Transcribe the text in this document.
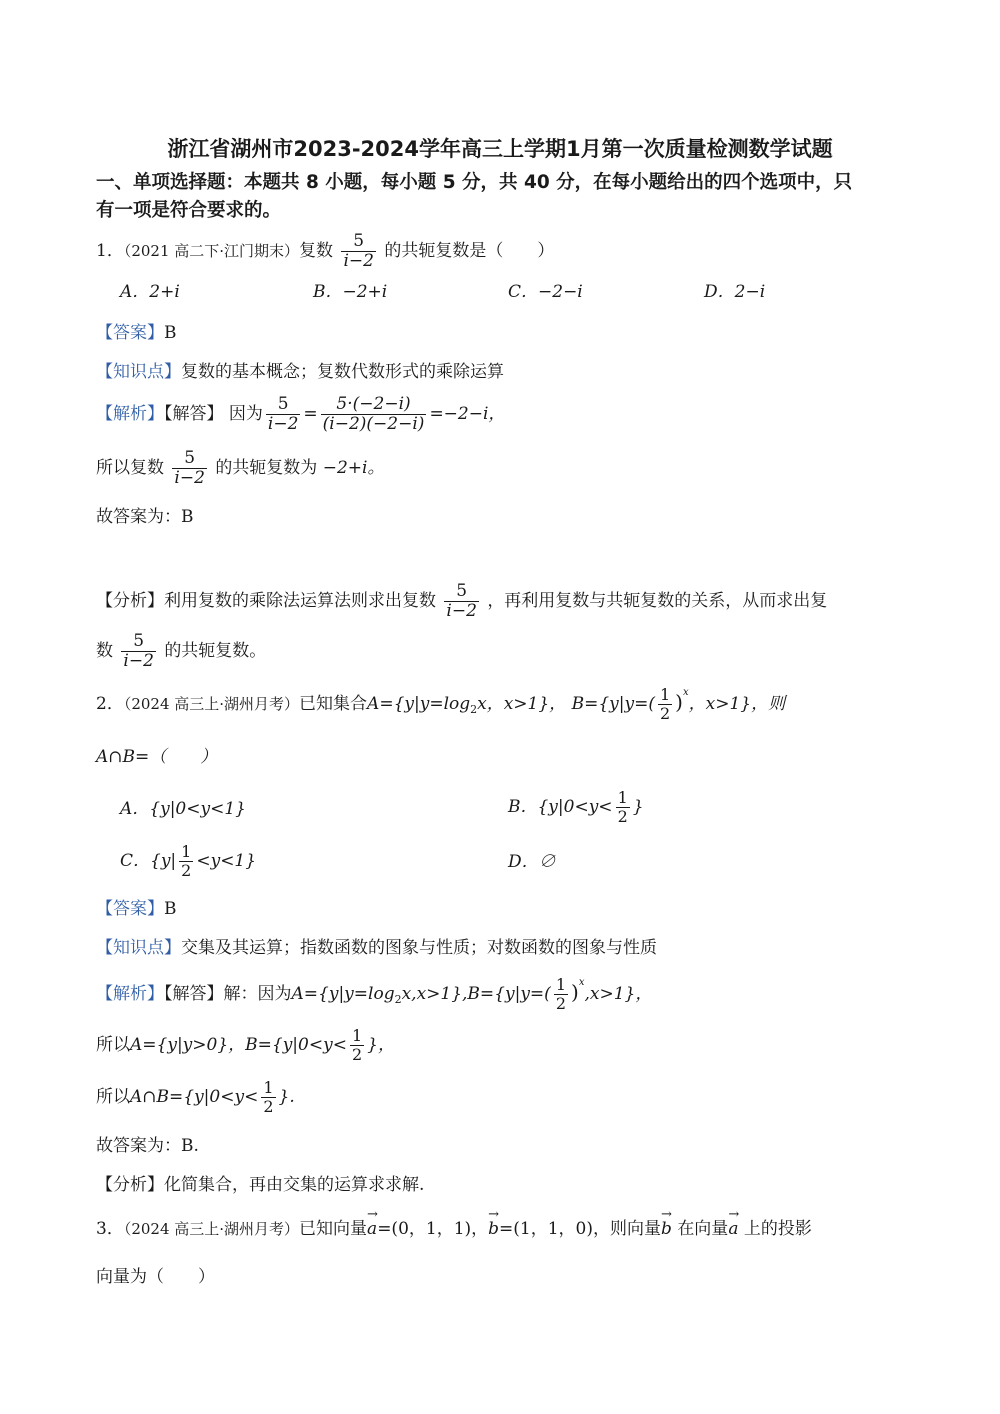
浙江省湖州市2023-2024学年高三上学期1月第一次质量检测数学试题
一、单项选择题：本题共 8 小题，每小题 5 分，共 40 分，在每小题给出的四个选项中，只
有一项是符合要求的。
1．（2021 高二下·江门期末）复数 $\frac{5}{i-2}$ 的共轭复数是（　　）
A．2+i	B．−2+i	C．−2−i	D．2−i
【答案】B
【知识点】复数的基本概念；复数代数形式的乘除运算
【解析】【解答】 因为 $\frac{5}{i-2} = \frac{5\cdot(-2-i)}{(i-2)(-2-i)} =-2-i$，
所以复数 $\frac{5}{i-2}$ 的共轭复数为 −2+i。
故答案为：B
【分析】利用复数的乘除法运算法则求出复数 $\frac{5}{i-2}$ ，再利用复数与共轭复数的关系，从而求出复
数 $\frac{5}{i-2}$ 的共轭复数。
2．（2024 高三上·湖州月考）已知集合$A=\{y|y=\log_2x$，x>1}， $B=\{y|y=( \frac{1}{2} )^x$，x>1}，则
A∩B=（　　）
A．{y|0<y<1}	B．{$y|0<y< \frac{1}{2}$ }
C．$\{y| \frac{1}{2} <y<1\}$	D．∅
【答案】B
【知识点】交集及其运算；指数函数的图象与性质；对数函数的图象与性质
【解析】【解答】解：因为$A=\{y|y=\log_2x,x>1\},B=\{y|y=( \frac{1}{2} )^x,x>1\}$，
所以A={y|y>0}，$B=\{y|0<y< \frac{1}{2}$ }，
所以A∩B={y|0<y< $\frac{1}{2}$ }.
故答案为：B.
【分析】化简集合，再由交集的运算求求解.
3．（2024 高三上·湖州月考）已知向量
→
a=(0，1，1)，
→
b=(1，1，0)，则向量
→
b 在向量
→
a 上的投影
向量为（　　）
